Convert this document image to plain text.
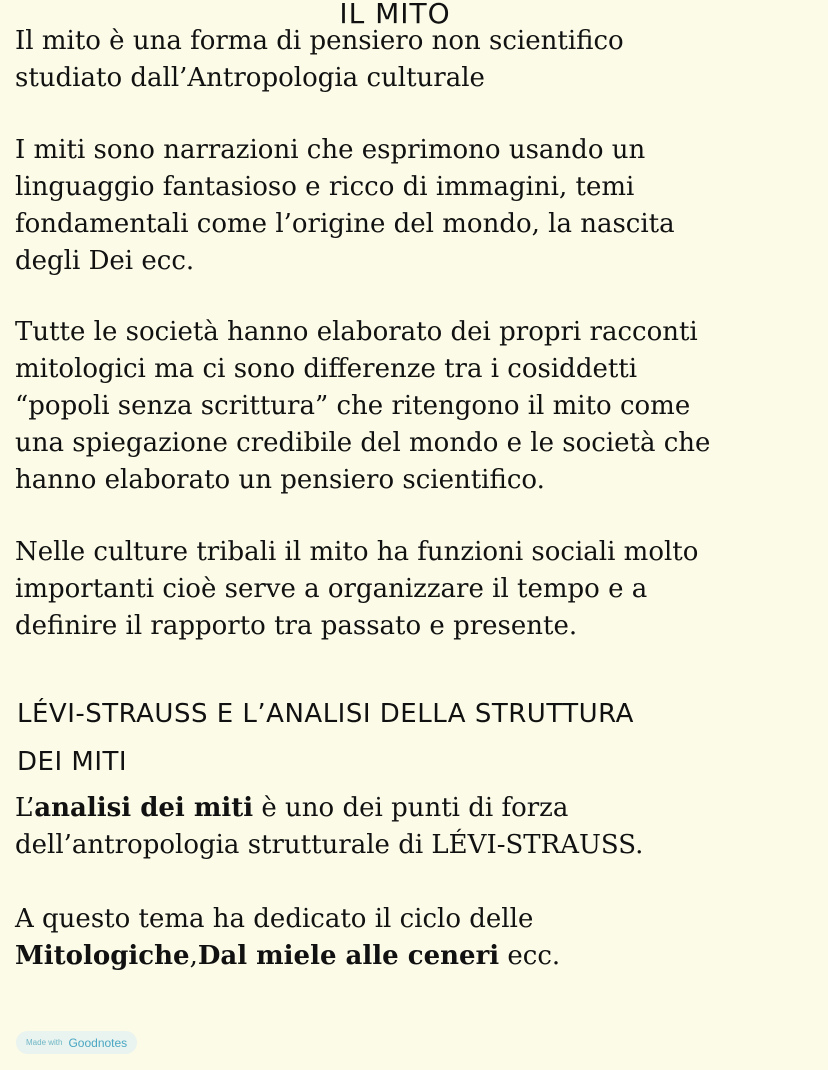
IL MITO

Il mito è una forma di pensiero non scientifico
studiato dall’Antropologia culturale

I miti sono narrazioni che esprimono usando un
linguaggio fantasioso e ricco di immagini, temi
fondamentali come l’origine del mondo, la nascita
degli Dei ecc.

Tutte le società hanno elaborato dei propri racconti
mitologici ma ci sono differenze tra i cosiddetti
“popoli senza scrittura” che ritengono il mito come
una spiegazione credibile del mondo e le società che
hanno elaborato un pensiero scientifico.

Nelle culture tribali il mito ha funzioni sociali molto
importanti cioè serve a organizzare il tempo e a
definire il rapporto tra passato e presente.

LÉVI-STRAUSS E L’ANALISI DELLA STRUTTURA
DEI MITI

L’analisi dei miti è uno dei punti di forza
dell’antropologia strutturale di LÉVI-STRAUSS.

A questo tema ha dedicato il ciclo delle
Mitologiche,Dal miele alle ceneri ecc.

Made with Goodnotes
